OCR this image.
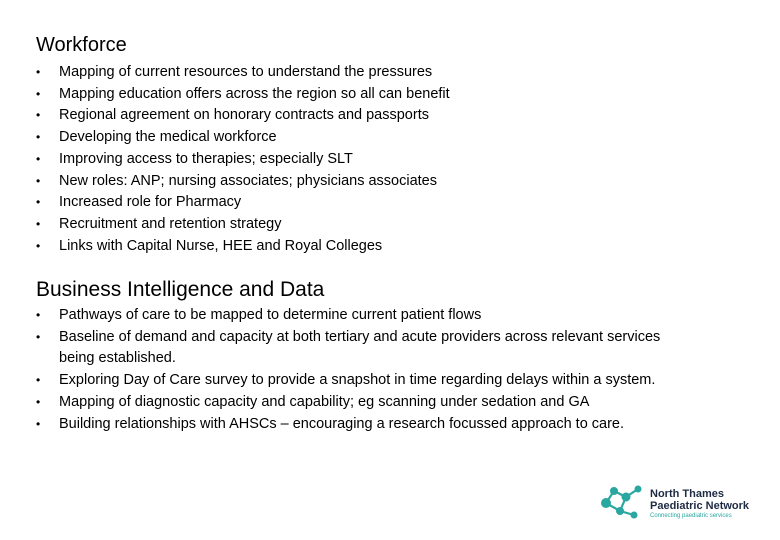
Workforce
• Mapping of current resources to understand the pressures
• Mapping education offers across the region so all can benefit
• Regional agreement on honorary contracts and passports
• Developing the medical workforce
• Improving access to therapies; especially SLT
• New roles: ANP; nursing associates; physicians associates
• Increased role for Pharmacy
• Recruitment and retention strategy
• Links with Capital Nurse, HEE and Royal Colleges
Business Intelligence and Data
• Pathways of care to be mapped to determine current patient flows
• Baseline of demand and capacity at both tertiary and acute providers across relevant services being established.
• Exploring Day of Care survey to provide a snapshot in time regarding delays within a system.
• Mapping of diagnostic capacity and capability; eg scanning under sedation and GA
• Building relationships with AHSCs – encouraging a research focussed approach to care.
North Thames
Paediatric Network
Connecting paediatric services
